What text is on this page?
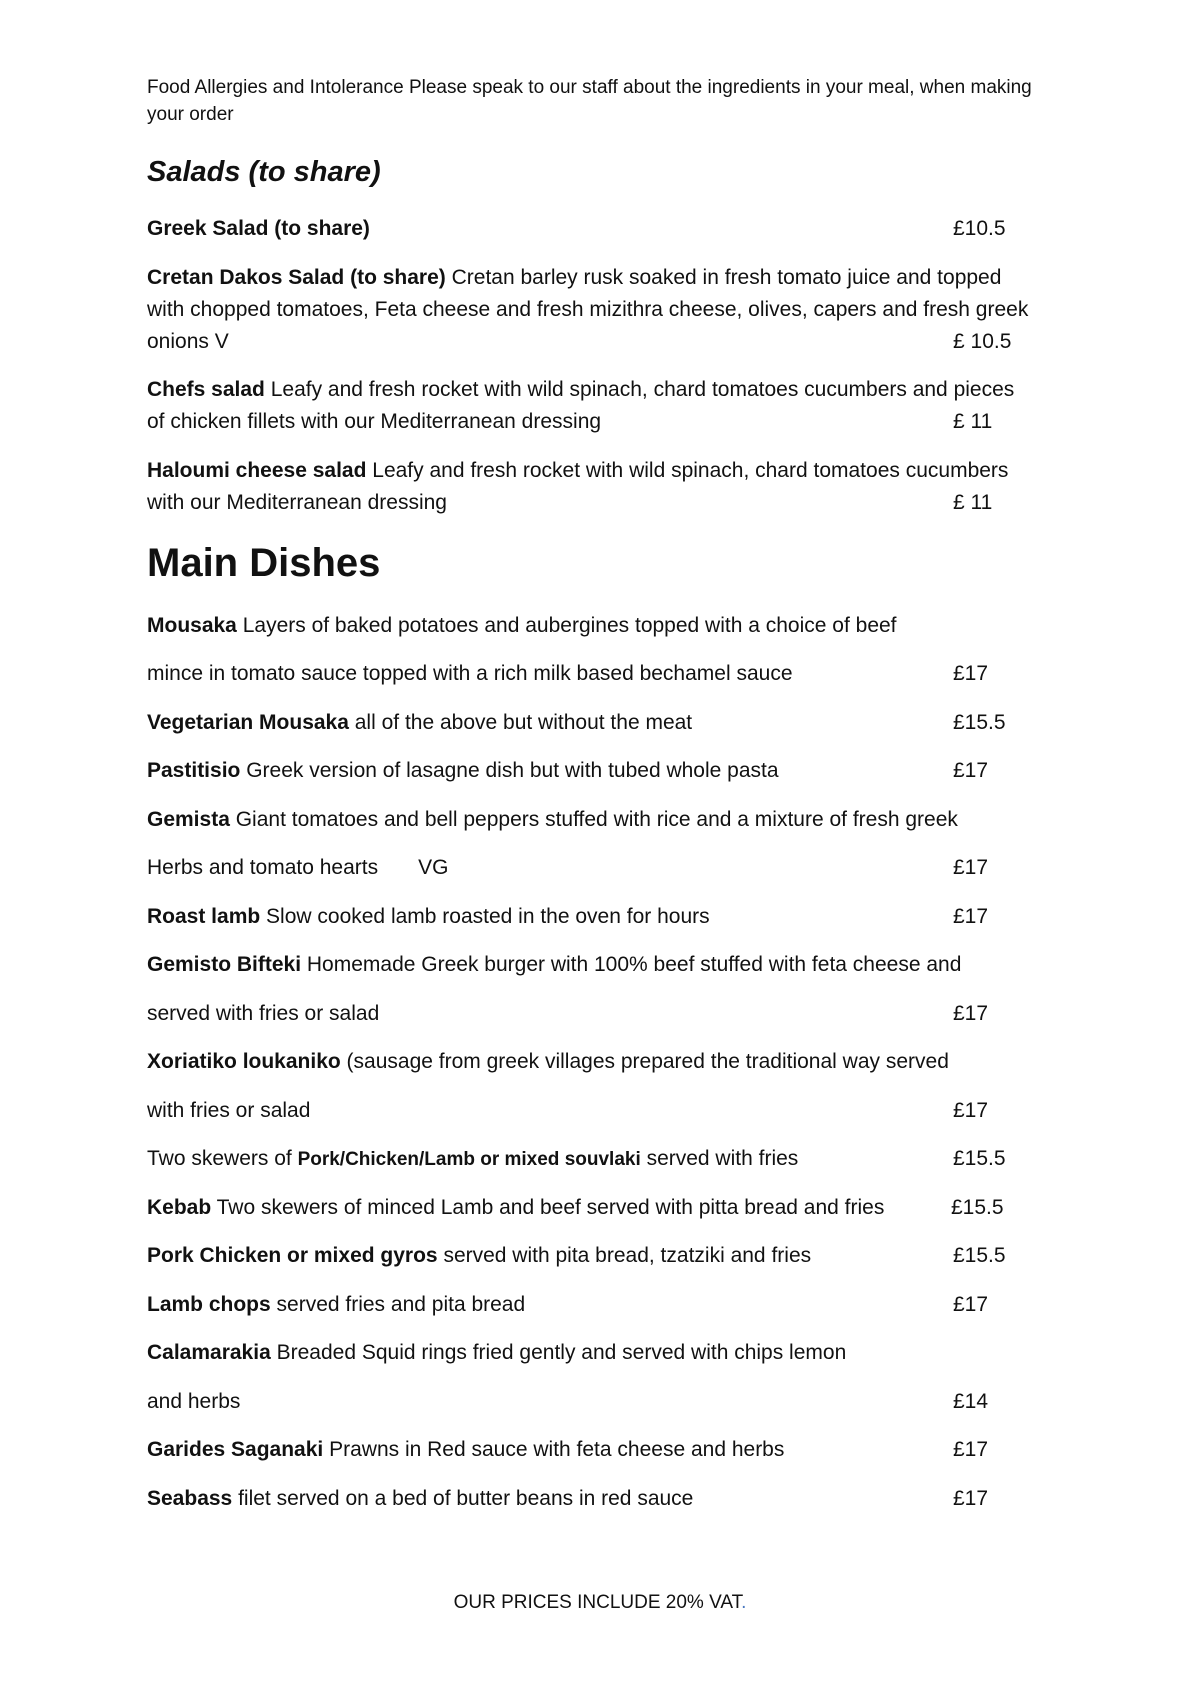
Food Allergies and Intolerance Please speak to our staff about the ingredients in your meal, when making your order
Salads (to share)
Greek Salad (to share)	£10.5
Cretan Dakos Salad (to share) Cretan barley rusk soaked in fresh tomato juice and topped
with chopped tomatoes, Feta cheese and fresh mizithra cheese, olives, capers and fresh greek
onions V	£ 10.5
Chefs salad Leafy and fresh rocket with wild spinach, chard tomatoes cucumbers and pieces
of chicken fillets with our Mediterranean dressing	£ 11
Haloumi cheese salad Leafy and fresh rocket with wild spinach, chard tomatoes cucumbers
with our Mediterranean dressing	£ 11
Main Dishes
Mousaka Layers of baked potatoes and aubergines topped with a choice of beef
mince in tomato sauce topped with a rich milk based bechamel sauce	£17
Vegetarian Mousaka all of the above but without the meat	£15.5
Pastitisio Greek version of lasagne dish but with tubed whole pasta	£17
Gemista Giant tomatoes and bell peppers stuffed with rice and a mixture of fresh greek
Herbs and tomato hearts VG	£17
Roast lamb Slow cooked lamb roasted in the oven for hours	£17
Gemisto Bifteki Homemade Greek burger with 100% beef stuffed with feta cheese and
served with fries or salad	£17
Xoriatiko loukaniko (sausage from greek villages prepared the traditional way served
with fries or salad	£17
Two skewers of Pork/Chicken/Lamb or mixed souvlaki served with fries	£15.5
Kebab Two skewers of minced Lamb and beef served with pitta bread and fries	£15.5
Pork Chicken or mixed gyros served with pita bread, tzatziki and fries	£15.5
Lamb chops served fries and pita bread	£17
Calamarakia Breaded Squid rings fried gently and served with chips lemon
and herbs	£14
Garides Saganaki Prawns in Red sauce with feta cheese and herbs	£17
Seabass filet served on a bed of butter beans in red sauce	£17
OUR PRICES INCLUDE 20% VAT.
